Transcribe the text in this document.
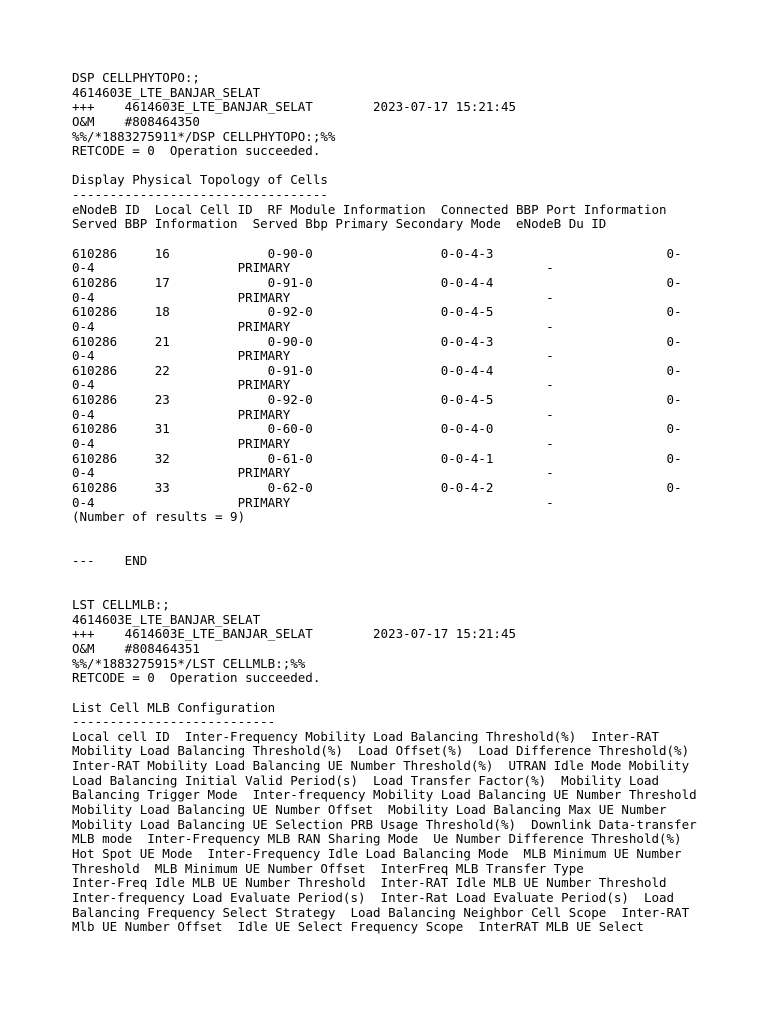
DSP CELLPHYTOPO:;
4614603E_LTE_BANJAR_SELAT
+++    4614603E_LTE_BANJAR_SELAT        2023-07-17 15:21:45
O&M    #808464350
%%/*1883275911*/DSP CELLPHYTOPO:;%%
RETCODE = 0  Operation succeeded.
Display Physical Topology of Cells
----------------------------------
eNodeB ID  Local Cell ID  RF Module Information  Connected BBP Port Information
Served BBP Information  Served Bbp Primary Secondary Mode  eNodeB Du ID
610286     16             0-90-0                 0-0-4-3                       0-
0-4                   PRIMARY                                  -
610286     17             0-91-0                 0-0-4-4                       0-
0-4                   PRIMARY                                  -
610286     18             0-92-0                 0-0-4-5                       0-
0-4                   PRIMARY                                  -
610286     21             0-90-0                 0-0-4-3                       0-
0-4                   PRIMARY                                  -
610286     22             0-91-0                 0-0-4-4                       0-
0-4                   PRIMARY                                  -
610286     23             0-92-0                 0-0-4-5                       0-
0-4                   PRIMARY                                  -
610286     31             0-60-0                 0-0-4-0                       0-
0-4                   PRIMARY                                  -
610286     32             0-61-0                 0-0-4-1                       0-
0-4                   PRIMARY                                  -
610286     33             0-62-0                 0-0-4-2                       0-
0-4                   PRIMARY                                  -
(Number of results = 9)
---    END
LST CELLMLB:;
4614603E_LTE_BANJAR_SELAT
+++    4614603E_LTE_BANJAR_SELAT        2023-07-17 15:21:45
O&M    #808464351
%%/*1883275915*/LST CELLMLB:;%%
RETCODE = 0  Operation succeeded.
List Cell MLB Configuration
---------------------------
Local cell ID  Inter-Frequency Mobility Load Balancing Threshold(%)  Inter-RAT
Mobility Load Balancing Threshold(%)  Load Offset(%)  Load Difference Threshold(%)
Inter-RAT Mobility Load Balancing UE Number Threshold(%)  UTRAN Idle Mode Mobility
Load Balancing Initial Valid Period(s)  Load Transfer Factor(%)  Mobility Load
Balancing Trigger Mode  Inter-frequency Mobility Load Balancing UE Number Threshold
Mobility Load Balancing UE Number Offset  Mobility Load Balancing Max UE Number
Mobility Load Balancing UE Selection PRB Usage Threshold(%)  Downlink Data-transfer
MLB mode  Inter-Frequency MLB RAN Sharing Mode  Ue Number Difference Threshold(%)
Hot Spot UE Mode  Inter-Frequency Idle Load Balancing Mode  MLB Minimum UE Number
Threshold  MLB Minimum UE Number Offset  InterFreq MLB Transfer Type
Inter-Freq Idle MLB UE Number Threshold  Inter-RAT Idle MLB UE Number Threshold
Inter-frequency Load Evaluate Period(s)  Inter-Rat Load Evaluate Period(s)  Load
Balancing Frequency Select Strategy  Load Balancing Neighbor Cell Scope  Inter-RAT
Mlb UE Number Offset  Idle UE Select Frequency Scope  InterRAT MLB UE Select
